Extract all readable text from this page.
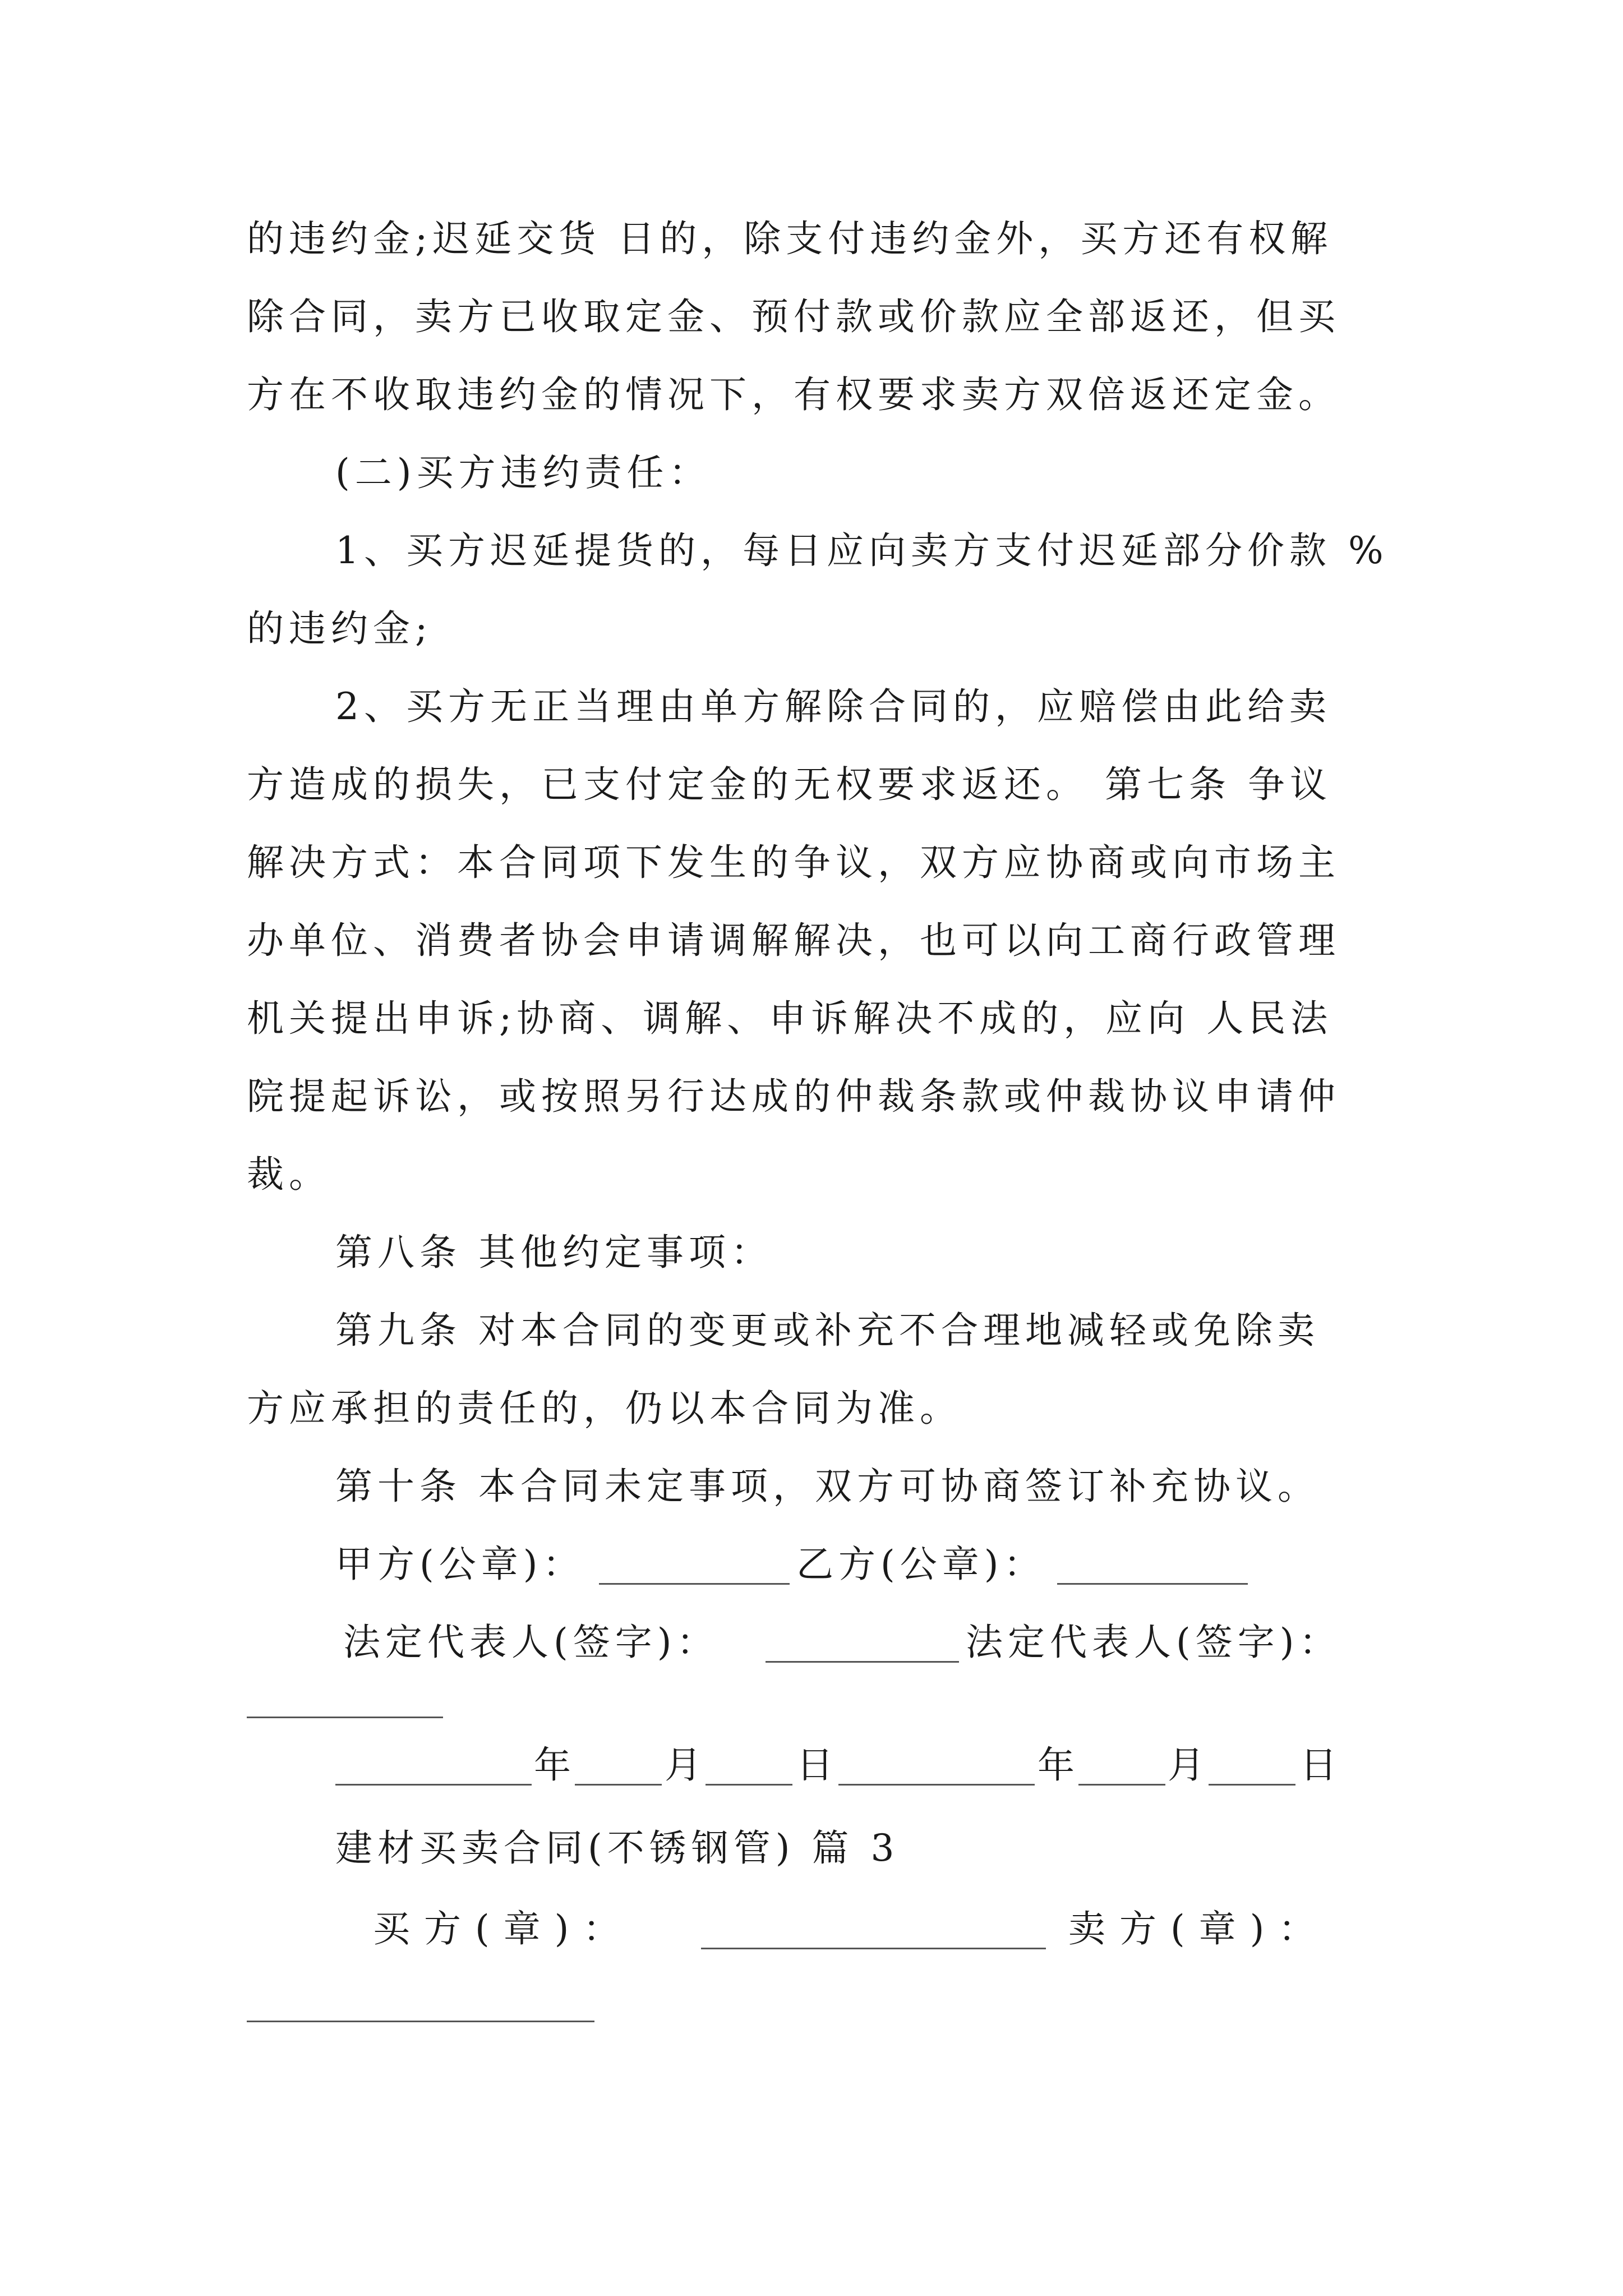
的违约金;迟延交货 日的，除支付违约金外，买方还有权解
除合同，卖方已收取定金、预付款或价款应全部返还，但买
方在不收取违约金的情况下，有权要求卖方双倍返还定金。
(二)买方违约责任：
1、买方迟延提货的，每日应向卖方支付迟延部分价款 %
的违约金;
2、买方无正当理由单方解除合同的，应赔偿由此给卖
方造成的损失，已支付定金的无权要求返还。 第七条 争议
解决方式：本合同项下发生的争议，双方应协商或向市场主
办单位、消费者协会申请调解解决，也可以向工商行政管理
机关提出申诉;协商、调解、申诉解决不成的，应向 人民法
院提起诉讼，或按照另行达成的仲裁条款或仲裁协议申请仲
裁。
第八条 其他约定事项：
第九条 对本合同的变更或补充不合理地减轻或免除卖
方应承担的责任的，仍以本合同为准。
第十条 本合同未定事项，双方可协商签订补充协议。
甲方(公章)：	乙方(公章)：
法定代表人(签字)：	法定代表人(签字)：
年 月 日	年 月 日
建材买卖合同(不锈钢管) 篇 3
买 方 ( 章 ) ：	卖 方 ( 章 ) ：
